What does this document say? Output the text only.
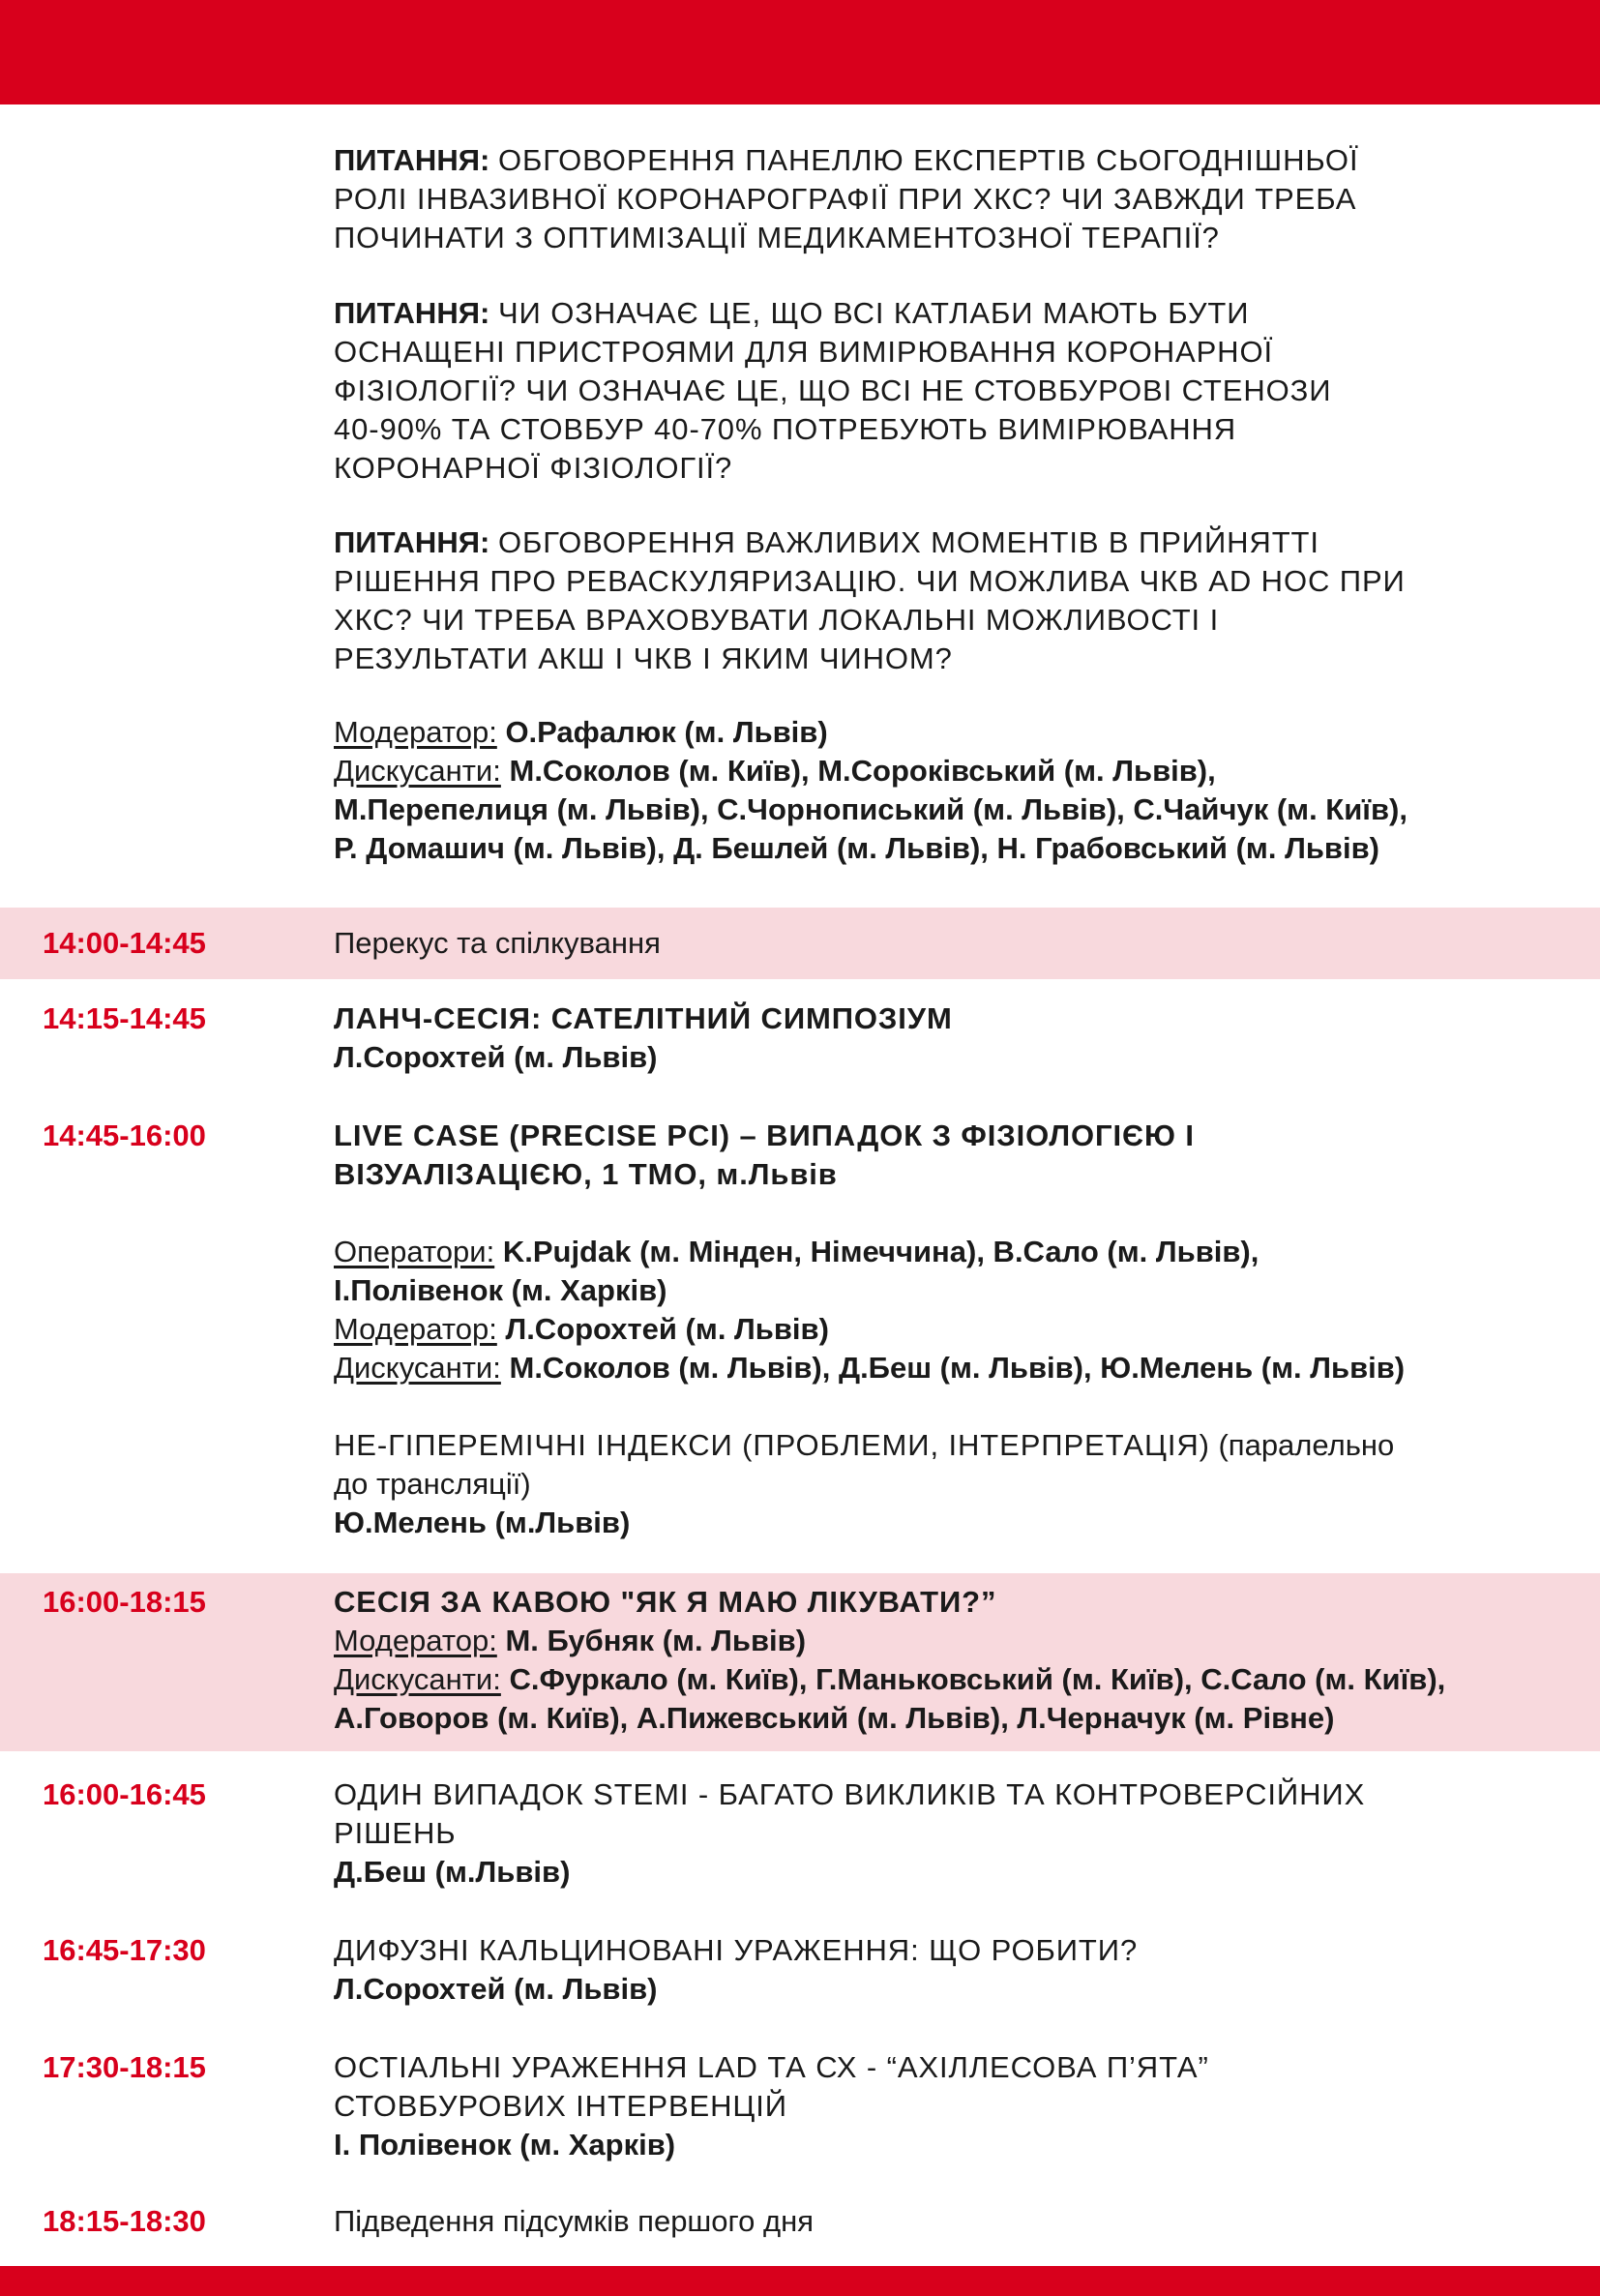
ПИТАННЯ: ОБГОВОРЕННЯ ПАНЕЛЛЮ ЕКСПЕРТІВ СЬОГОДНІШНЬОЇ

РОЛІ ІНВАЗИВНОЇ КОРОНАРОГРАФІЇ ПРИ ХКС? ЧИ ЗАВЖДИ ТРЕБА

ПОЧИНАТИ З ОПТИМІЗАЦІЇ МЕДИКАМЕНТОЗНОЇ ТЕРАПІЇ?

ПИТАННЯ: ЧИ ОЗНАЧАЄ ЦЕ, ЩО ВСІ КАТЛАБИ МАЮТЬ БУТИ

ОСНАЩЕНІ ПРИСТРОЯМИ ДЛЯ ВИМІРЮВАННЯ КОРОНАРНОЇ

ФІЗІОЛОГІЇ? ЧИ ОЗНАЧАЄ ЦЕ, ЩО ВСІ НЕ СТОВБУРОВІ СТЕНОЗИ

40-90% ТА СТОВБУР 40-70% ПОТРЕБУЮТЬ ВИМІРЮВАННЯ

КОРОНАРНОЇ ФІЗІОЛОГІЇ?

ПИТАННЯ: ОБГОВОРЕННЯ ВАЖЛИВИХ МОМЕНТІВ В ПРИЙНЯТТІ

РІШЕННЯ ПРО РЕВАСКУЛЯРИЗАЦІЮ. ЧИ МОЖЛИВА ЧКВ AD HOC ПРИ

ХКС? ЧИ ТРЕБА ВРАХОВУВАТИ ЛОКАЛЬНІ МОЖЛИВОСТІ І

РЕЗУЛЬТАТИ АКШ І ЧКВ І ЯКИМ ЧИНОМ?

Модератор: О.Рафалюк (м. Львів)

Дискусанти: М.Соколов (м. Київ), М.Сороківський (м. Львів),

М.Перепелиця (м. Львів), С.Чорнописький (м. Львів), С.Чайчук (м. Київ),

Р. Домашич (м. Львів), Д. Бешлей (м. Львів), Н. Грабовський (м. Львів)

14:00-14:45	Перекус та спілкування

14:15-14:45	ЛАНЧ-СЕСІЯ: САТЕЛІТНИЙ СИМПОЗІУМ

Л.Сорохтей (м. Львів)

14:45-16:00	LIVE CASE (PRECISE PCI) – ВИПАДОК З ФІЗІОЛОГІЄЮ І

ВІЗУАЛІЗАЦІЄЮ, 1 ТМО, м.Львів

Оператори: K.Pujdak (м. Мінден, Німеччина), В.Сало (м. Львів),

І.Полівенок (м. Харків)

Модератор: Л.Сорохтей (м. Львів)

Дискусанти: М.Соколов (м. Львів), Д.Беш (м. Львів), Ю.Мелень (м. Львів)

НЕ-ГІПЕРЕМІЧНІ ІНДЕКСИ (ПРОБЛЕМИ, ІНТЕРПРЕТАЦІЯ) (паралельно

до трансляції)

Ю.Мелень (м.Львів)

16:00-18:15	СЕСІЯ ЗА КАВОЮ "ЯК Я МАЮ ЛІКУВАТИ?”

Модератор: М. Бубняк (м. Львів)

Дискусанти: С.Фуркало (м. Київ), Г.Маньковський (м. Київ), С.Сало (м. Київ),

А.Говоров (м. Київ), А.Пижевський (м. Львів), Л.Черначук (м. Рівне)

16:00-16:45	ОДИН ВИПАДОК STEMI - БАГАТО ВИКЛИКІВ ТА КОНТРОВЕРСІЙНИХ

РІШЕНЬ

Д.Беш (м.Львів)

16:45-17:30	ДИФУЗНІ КАЛЬЦИНОВАНІ УРАЖЕННЯ: ЩО РОБИТИ?

Л.Сорохтей (м. Львів)

17:30-18:15	ОСТІАЛЬНІ УРАЖЕННЯ LAD ТА СХ - “АХІЛЛЕСОВА П’ЯТА”

СТОВБУРОВИХ ІНТЕРВЕНЦІЙ

І. Полівенок (м. Харків)

18:15-18:30	Підведення підсумків першого дня
